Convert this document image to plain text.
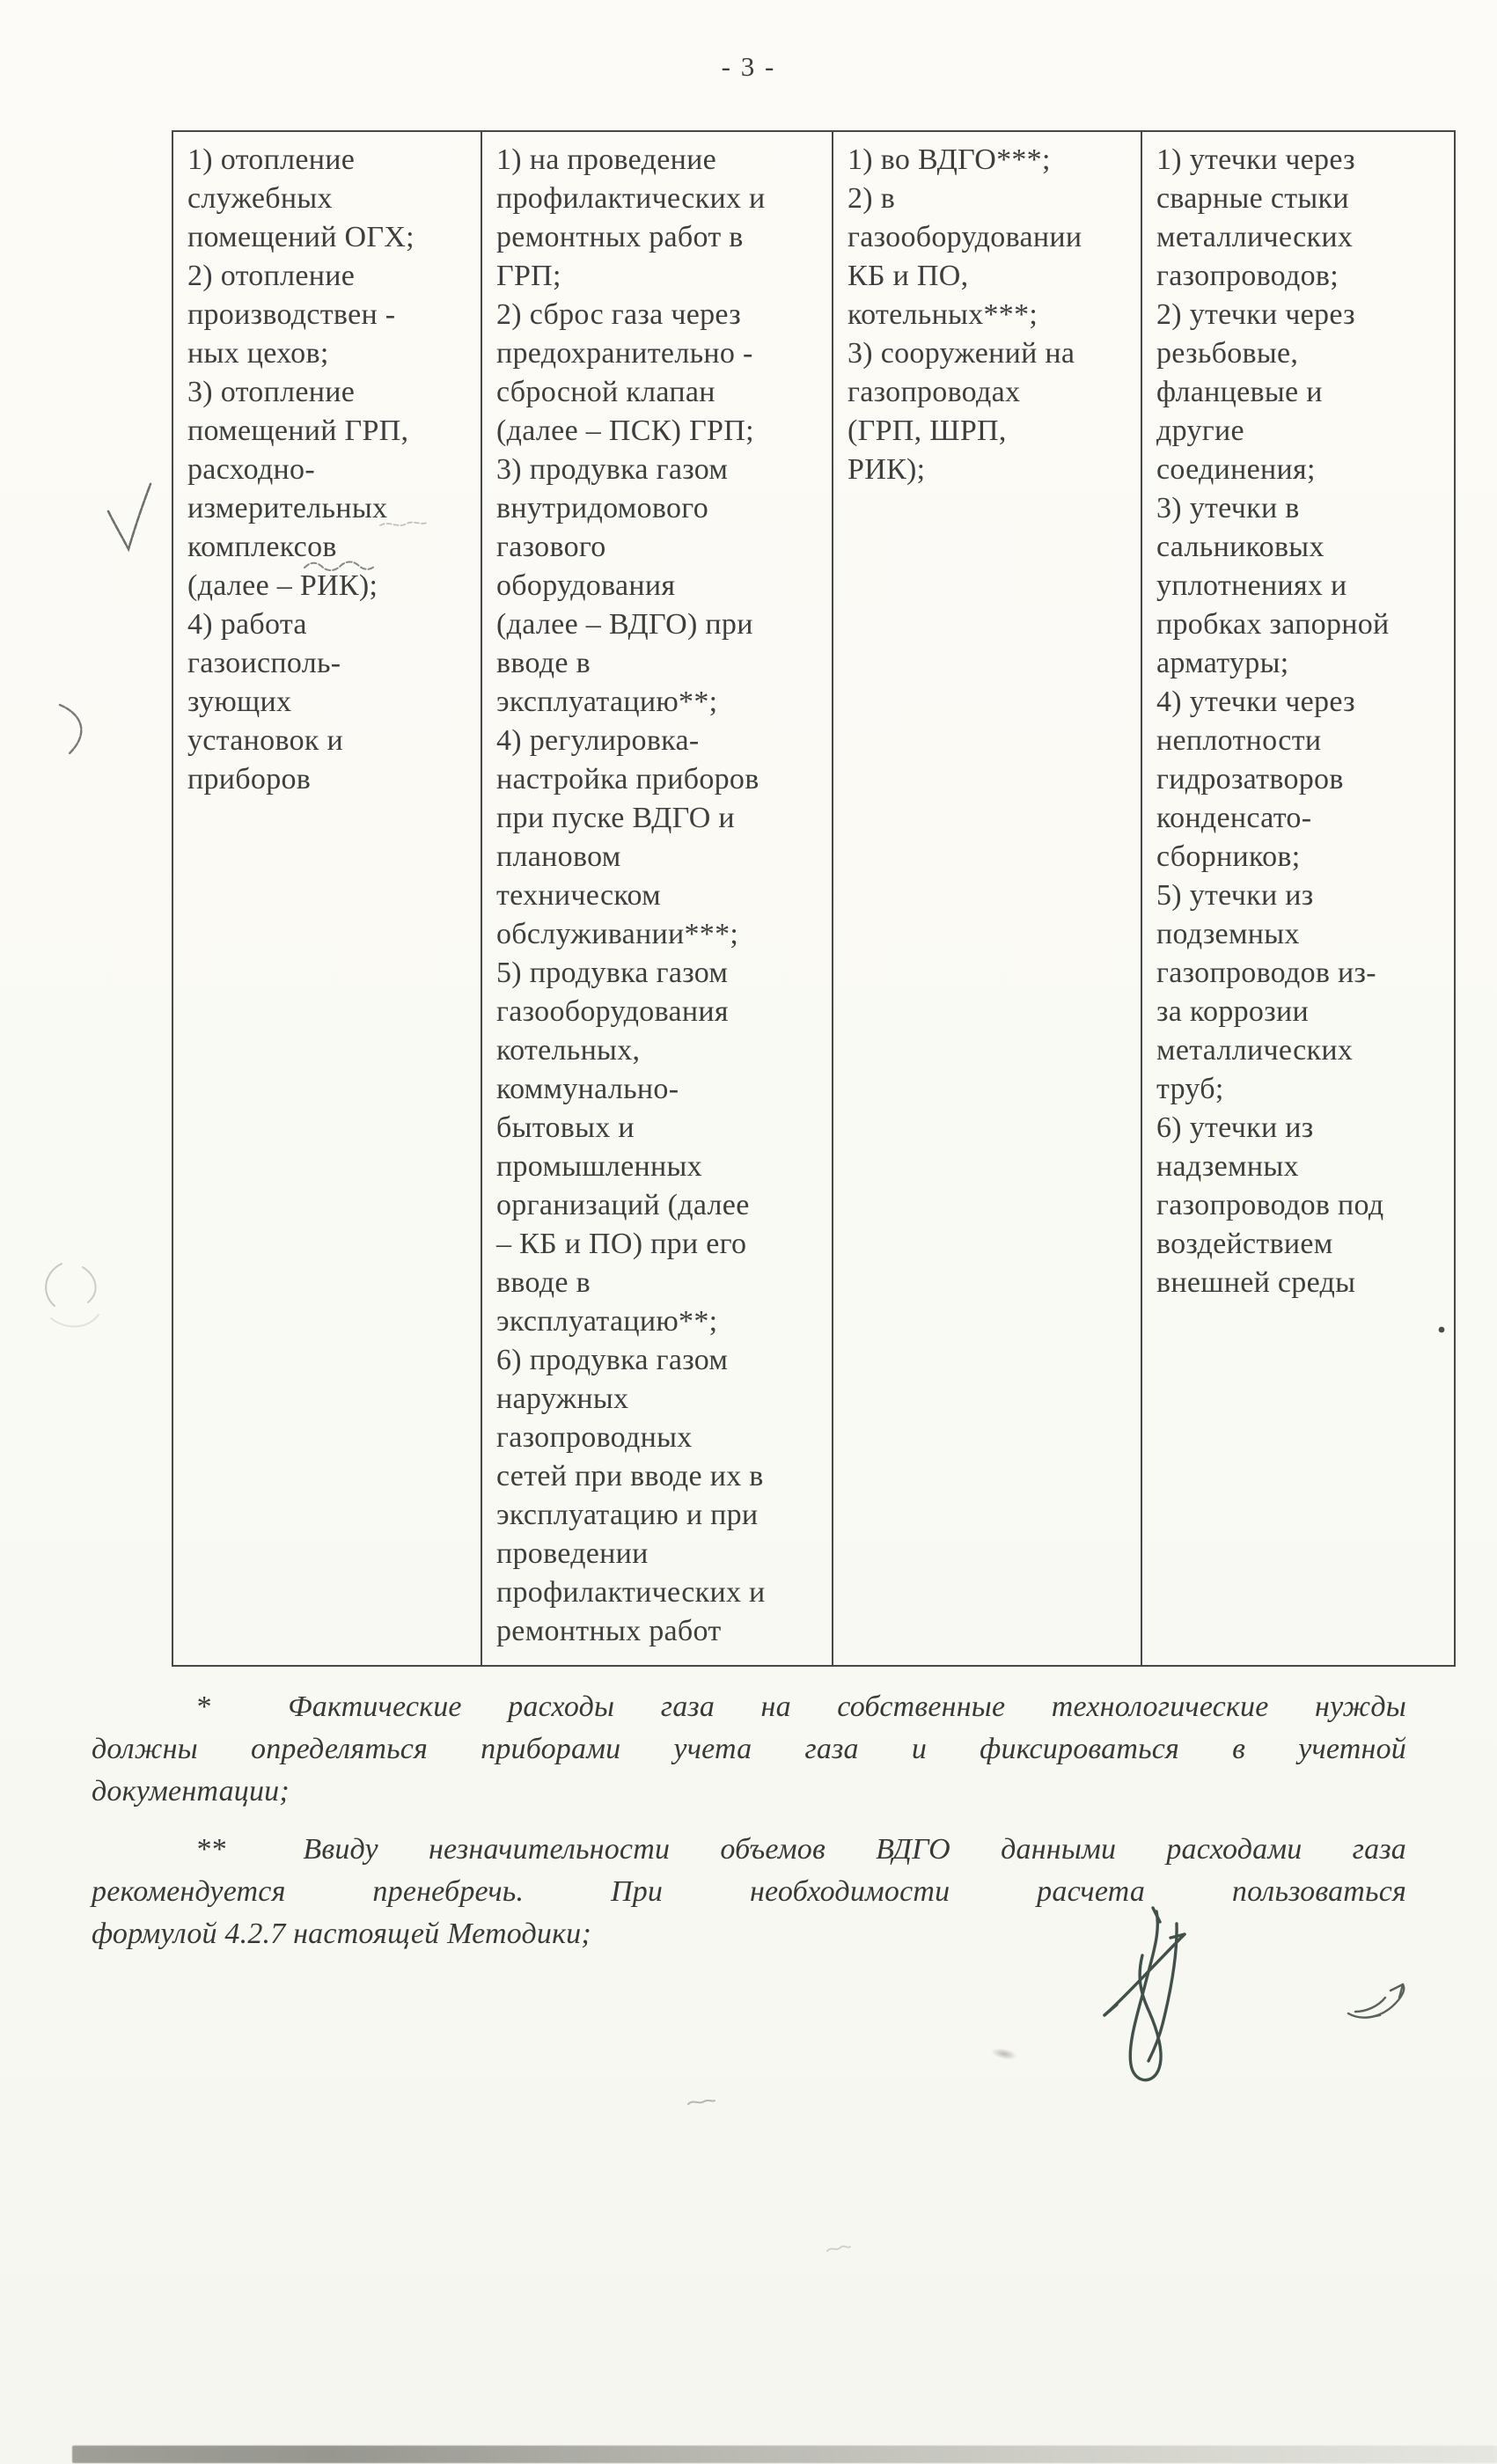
- 3 -
1) отопление
служебных
помещений ОГХ;
2) отопление
производствен -
ных цехов;
3) отопление
помещений ГРП,
расходно-
измерительных
комплексов
(далее – РИК);
4) работа
газоисполь-
зующих
установок и
приборов	1) на проведение
профилактических и
ремонтных работ в
ГРП;
2) сброс газа через
предохранительно -
сбросной клапан
(далее – ПСК) ГРП;
3) продувка газом
внутридомового
газового
оборудования
(далее – ВДГО) при
вводе в
эксплуатацию**;
4) регулировка-
настройка приборов
при пуске ВДГО и
плановом
техническом
обслуживании***;
5) продувка газом
газооборудования
котельных,
коммунально-
бытовых и
промышленных
организаций (далее
– КБ и ПО) при его
вводе в
эксплуатацию**;
6) продувка газом
наружных
газопроводных
сетей при вводе их в
эксплуатацию и при
проведении
профилактических и
ремонтных работ	1) во ВДГО***;
2) в
газооборудовании
КБ и ПО,
котельных***;
3) сооружений на
газопроводах
(ГРП, ШРП,
РИК);	1) утечки через
сварные стыки
металлических
газопроводов;
2) утечки через
резьбовые,
фланцевые и
другие
соединения;
3) утечки в
сальниковых
уплотнениях и
пробках запорной
арматуры;
4) утечки через
неплотности
гидрозатворов
конденсато-
сборников;
5) утечки из
подземных
газопроводов из-
за коррозии
металлических
труб;
6) утечки из
надземных
газопроводов под
воздействием
внешней среды
*	Фактические расходы газа на собственные технологические нужды
должны определяться приборами учета газа и фиксироваться в учетной
документации;
**	Ввиду незначительности объемов ВДГО данными расходами газа
рекомендуется пренебречь. При необходимости расчета пользоваться
формулой 4.2.7 настоящей Методики;
